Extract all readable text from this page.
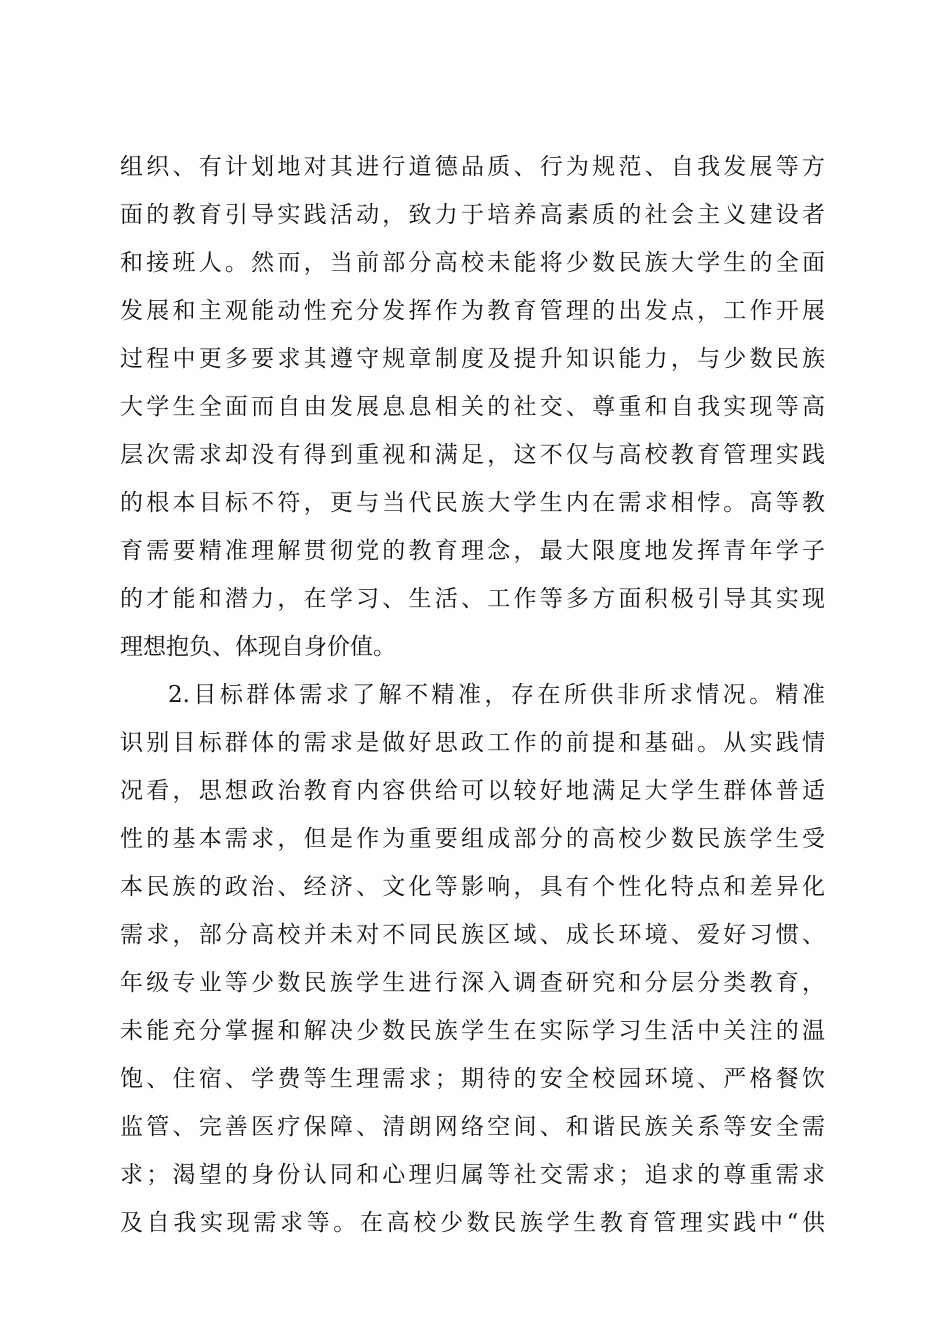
组织、有计划地对其进行道德品质、行为规范、自我发展等方
面的教育引导实践活动，致力于培养高素质的社会主义建设者
和接班人。然而，当前部分高校未能将少数民族大学生的全面
发展和主观能动性充分发挥作为教育管理的出发点，工作开展
过程中更多要求其遵守规章制度及提升知识能力，与少数民族
大学生全面而自由发展息息相关的社交、尊重和自我实现等高
层次需求却没有得到重视和满足，这不仅与高校教育管理实践
的根本目标不符，更与当代民族大学生内在需求相悖。高等教
育需要精准理解贯彻党的教育理念，最大限度地发挥青年学子
的才能和潜力，在学习、生活、工作等多方面积极引导其实现
理想抱负、体现自身价值。
2.目标群体需求了解不精准，存在所供非所求情况。精准
识别目标群体的需求是做好思政工作的前提和基础。从实践情
况看，思想政治教育内容供给可以较好地满足大学生群体普适
性的基本需求，但是作为重要组成部分的高校少数民族学生受
本民族的政治、经济、文化等影响，具有个性化特点和差异化
需求，部分高校并未对不同民族区域、成长环境、爱好习惯、
年级专业等少数民族学生进行深入调查研究和分层分类教育，
未能充分掌握和解决少数民族学生在实际学习生活中关注的温
饱、住宿、学费等生理需求；期待的安全校园环境、严格餐饮
监管、完善医疗保障、清朗网络空间、和谐民族关系等安全需
求；渴望的身份认同和心理归属等社交需求；追求的尊重需求
及自我实现需求等。在高校少数民族学生教育管理实践中“供
